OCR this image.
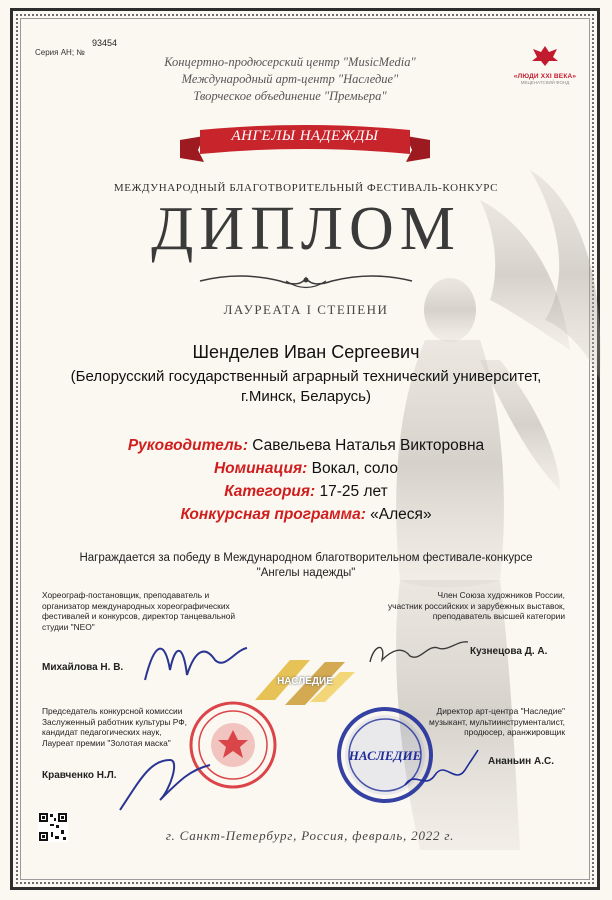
Серия АН; №
93454
Концертно-продюсерский центр "MusicMedia"
Международный арт-центр "Наследие"
Творческое объединение "Премьера"
«ЛЮДИ XXI ВЕКА»
МЕЦЕНАТСКИЙ ФОНД
АНГЕЛЫ НАДЕЖДЫ
МЕЖДУНАРОДНЫЙ БЛАГОТВОРИТЕЛЬНЫЙ ФЕСТИВАЛЬ-КОНКУРС
ДИПЛОМ
ЛАУРЕАТА I СТЕПЕНИ
Шенделев Иван Сергеевич
(Белорусский государственный аграрный технический университет,
г.Минск, Беларусь)
Руководитель: Савельева Наталья Викторовна
Номинация: Вокал, соло
Категория: 17-25 лет
Конкурсная программа: «Алеся»
Награждается за победу в Международном благотворительном фестивале-конкурсе
"Ангелы надежды"
Хореограф-постановщик, преподаватель и
организатор международных хореографических
фестивалей и конкурсов, директор танцевальной
студии "NEO"
Михайлова Н. В.
Член Союза художников России,
участник российских и зарубежных выставок,
преподаватель высшей категории
Кузнецова Д. А.
НАСЛЕДИЕ
Председатель конкурсной комиссии
Заслуженный работник культуры РФ,
кандидат педагогических наук,
Лауреат премии "Золотая маска"
Кравченко Н.Л.
Директор арт-центра "Наследие"
музыкант, мультиинструменталист,
продюсер, аранжировщик
Ананьин А.С.
НАСЛЕДИЕ
г. Санкт-Петербург, Россия, февраль, 2022 г.
